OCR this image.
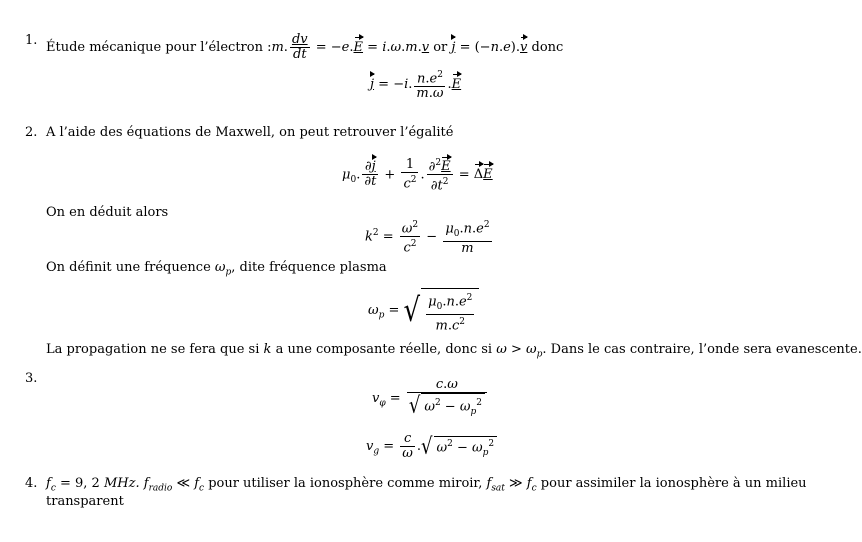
1. Étude mécanique pour l’électron :m. $\frac{dv}{dt} = -e.E = i.\omega.m.v$ or j = (−n.e).v donc
j = −i. $\frac{n.e^2}{m.\omega} .E$
2. A l’aide des équations de Maxwell, on peut retrouver l’égalité
$\mu_0$. $\frac{\partial j}{\partial t} + \frac{1}{c^2}$ . $\frac{\partial^2E}{\partial t^2} = \Delta E$
On en déduit alors
$k^2 = \frac{\omega^2}{c^2} - \frac{\mu_0.n.e^2}{m}$
On définit une fréquence $\omega_p$, dite fréquence plasma
$\omega_p$ = √ $\frac{\mu_0.n.e^2}{m.c^2}$
La propagation ne se fera que si k a une composante réelle, donc si $\omega > \omega_p$. Dans le cas contraire, l’onde sera evanescente.
3.
$v_\varphi = \frac{c.\omega}{√ \omega^2 - \omega_p^2}$
$v_g = \frac{c}{\omega}$ .√ $\omega^2 - \omega_p^2$
4. $f_c = 9$, 2 MHz. $f_{radio}$ ≪ $f_c$ pour utiliser la ionosphère comme miroir, $f_{sat}$ ≫ $f_c$ pour assimiler la ionosphère à un milieu
transparent
